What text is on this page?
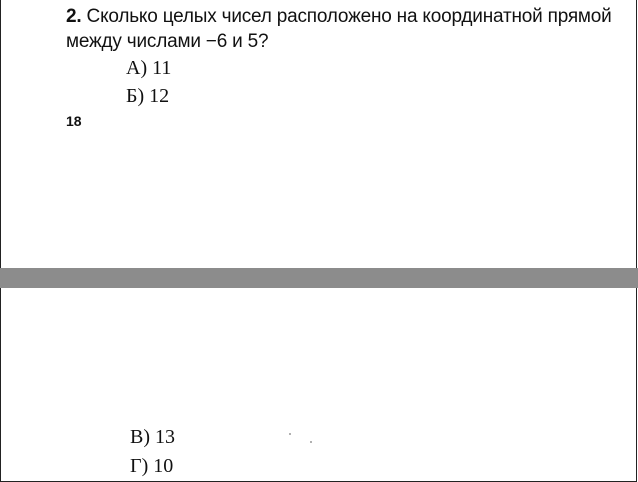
2. Сколько целых чисел расположено на координатной прямой между числами −6 и 5?
А) 11
Б) 12
18
В) 13
Г) 10
